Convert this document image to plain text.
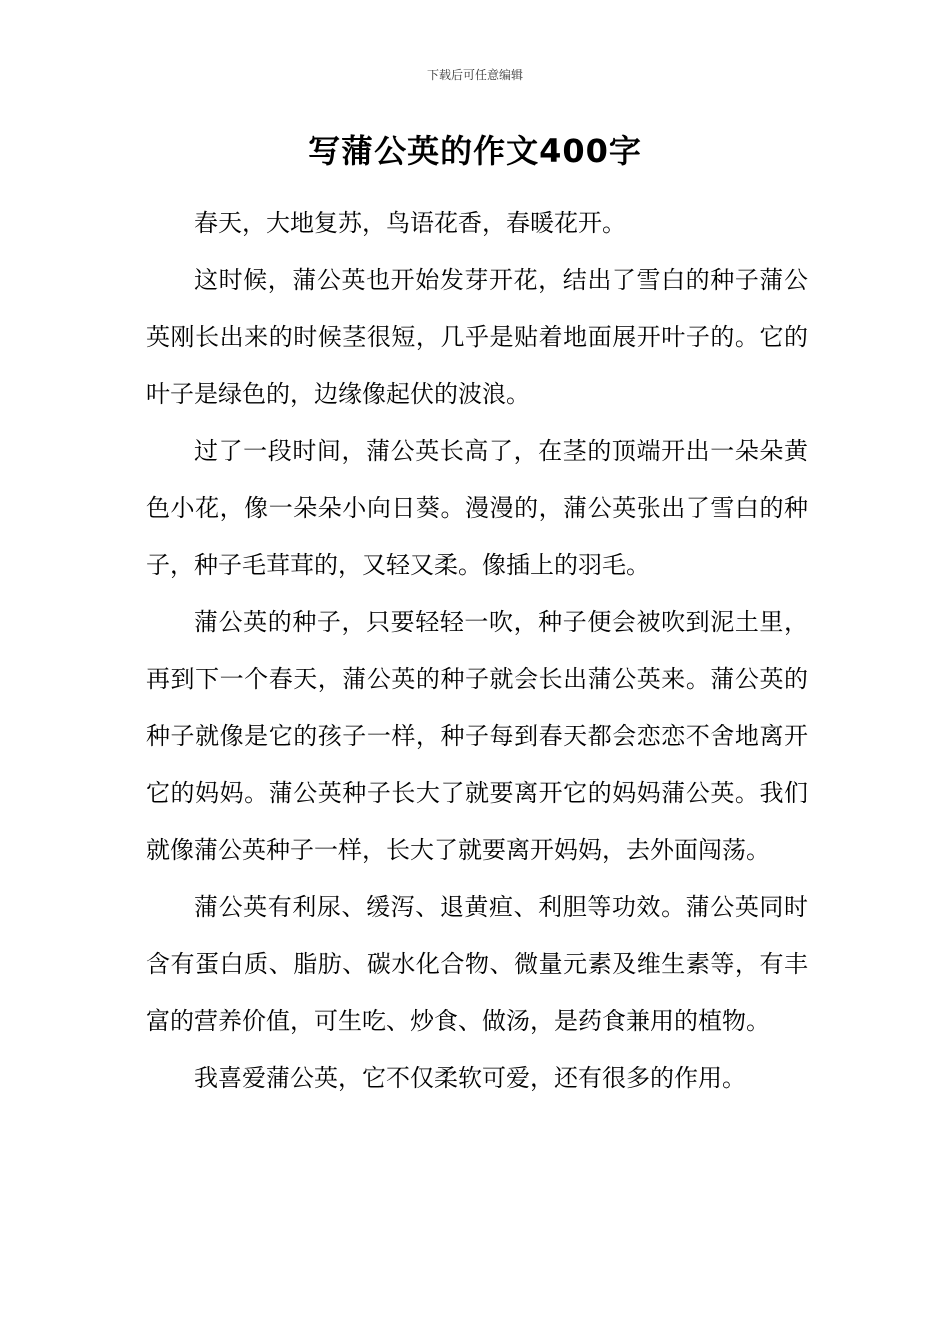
下载后可任意编辑
写蒲公英的作文400字

春天，大地复苏，鸟语花香，春暖花开。

这时候，蒲公英也开始发芽开花，结出了雪白的种子蒲公英刚长出来的时候茎很短，几乎是贴着地面展开叶子的。它的叶子是绿色的，边缘像起伏的波浪。

过了一段时间，蒲公英长高了，在茎的顶端开出一朵朵黄色小花，像一朵朵小向日葵。漫漫的，蒲公英张出了雪白的种子，种子毛茸茸的，又轻又柔。像插上的羽毛。

蒲公英的种子，只要轻轻一吹，种子便会被吹到泥土里，再到下一个春天，蒲公英的种子就会长出蒲公英来。蒲公英的种子就像是它的孩子一样，种子每到春天都会恋恋不舍地离开它的妈妈。蒲公英种子长大了就要离开它的妈妈蒲公英。我们就像蒲公英种子一样，长大了就要离开妈妈，去外面闯荡。

蒲公英有利尿、缓泻、退黄疸、利胆等功效。蒲公英同时含有蛋白质、脂肪、碳水化合物、微量元素及维生素等，有丰富的营养价值，可生吃、炒食、做汤，是药食兼用的植物。

我喜爱蒲公英，它不仅柔软可爱，还有很多的作用。
